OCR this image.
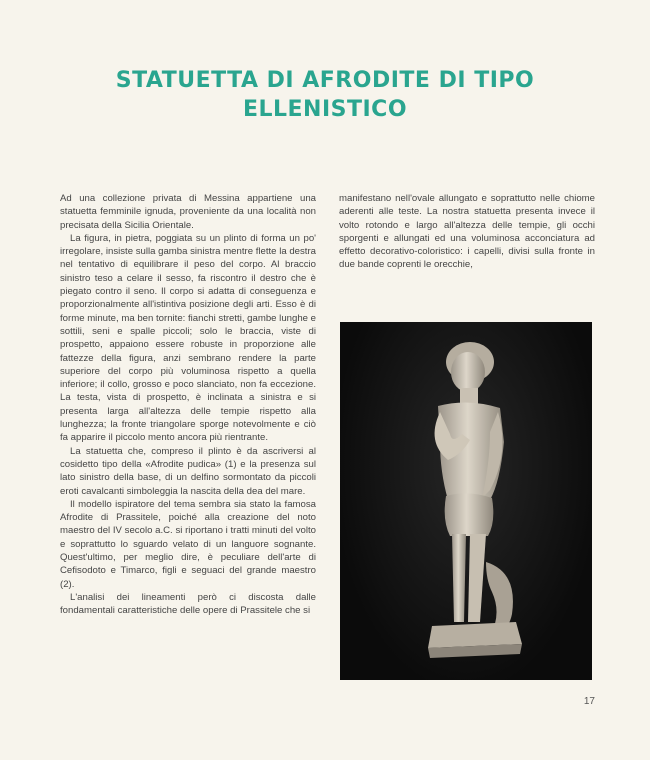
STATUETTA DI AFRODITE DI TIPO
ELLENISTICO

Ad una collezione privata di Messina appartiene una statuetta femminile ignuda, proveniente da una località non precisata della Sicilia Orientale.

La figura, in pietra, poggiata su un plinto di forma un po' irregolare, insiste sulla gamba sinistra mentre flette la destra nel tentativo di equilibrare il peso del corpo. Al braccio sinistro teso a celare il sesso, fa riscontro il destro che è piegato contro il seno. Il corpo si adatta di conseguenza e proporzionalmente all'istintiva posizione degli arti. Esso è di forme minute, ma ben tornite: fianchi stretti, gambe lunghe e sottili, seni e spalle piccoli; solo le braccia, viste di prospetto, appaiono essere robuste in proporzione alle fattezze della figura, anzi sembrano rendere la parte superiore del corpo più voluminosa rispetto a quella inferiore; il collo, grosso e poco slanciato, non fa eccezione. La testa, vista di prospetto, è inclinata a sinistra e si presenta larga all'altezza delle tempie rispetto alla lunghezza; la fronte triangolare sporge notevolmente e ciò fa apparire il piccolo mento ancora più rientrante.

La statuetta che, compreso il plinto è da ascriversi al cosidetto tipo della «Afrodite pudica» (1) e la presenza sul lato sinistro della base, di un delfino sormontato da piccoli eroti cavalcanti simboleggia la nascita della dea del mare.

Il modello ispiratore del tema sembra sia stato la famosa Afrodite di Prassitele, poiché alla creazione del noto maestro del IV secolo a.C. si riportano i tratti minuti del volto e soprattutto lo sguardo velato di un languore sognante. Quest'ultimo, per meglio dire, è peculiare dell'arte di Cefisodoto e Timarco, figli e seguaci del grande maestro (2).

L'analisi dei lineamenti però ci discosta dalle fondamentali caratteristiche delle opere di Prassitele che si

manifestano nell'ovale allungato e soprattutto nelle chiome aderenti alle teste. La nostra statuetta presenta invece il volto rotondo e largo all'altezza delle tempie, gli occhi sporgenti e allungati ed una voluminosa acconciatura ad effetto decorativo-coloristico: i capelli, divisi sulla fronte in due bande coprenti le orecchie,

17
